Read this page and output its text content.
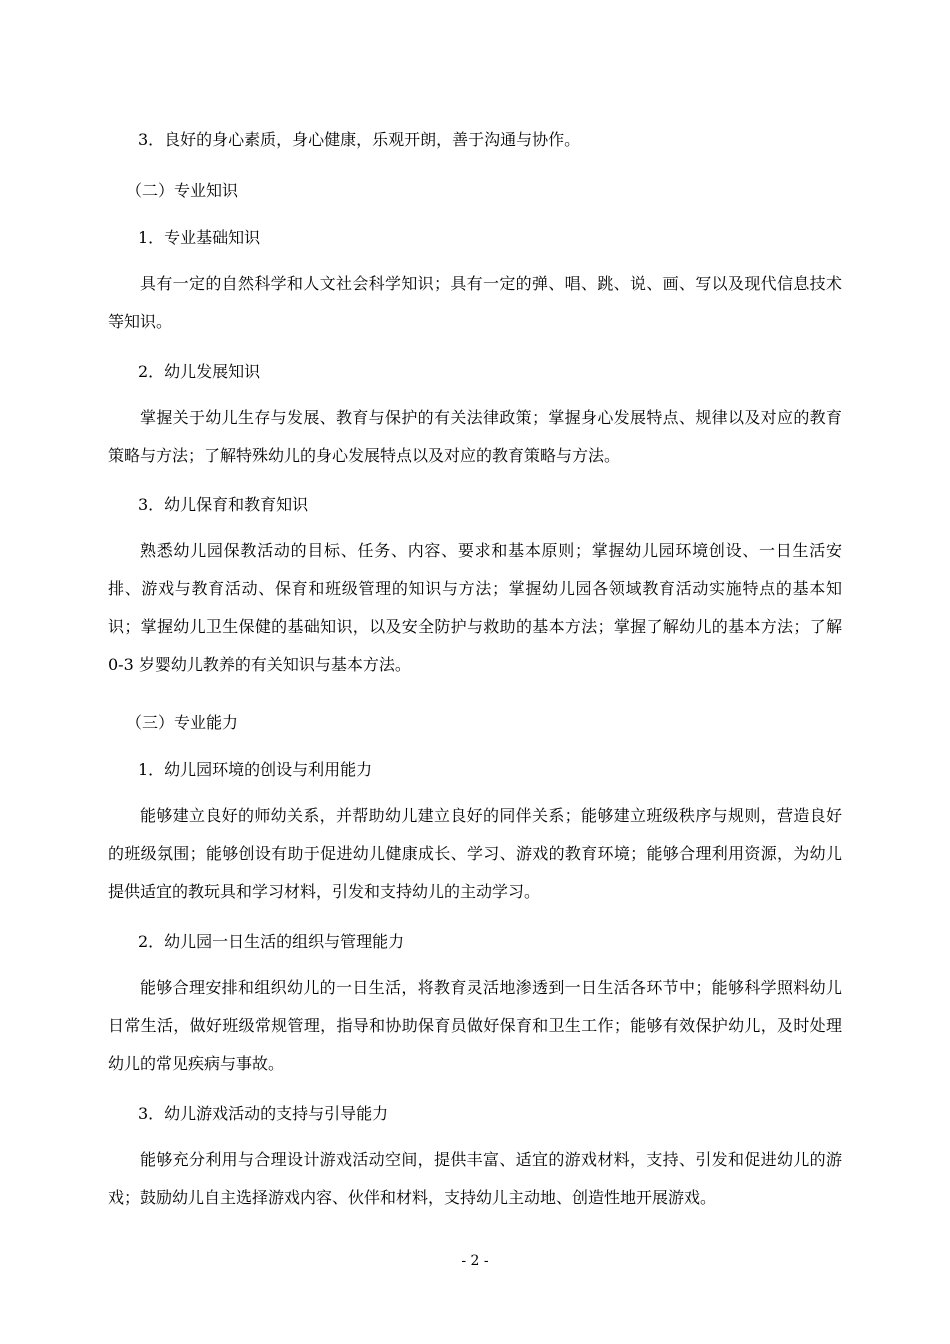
3．良好的身心素质，身心健康，乐观开朗，善于沟通与协作。
（二）专业知识
1．专业基础知识
具有一定的自然科学和人文社会科学知识；具有一定的弹、唱、跳、说、画、写以及现代信息技术等知识。
2．幼儿发展知识
掌握关于幼儿生存与发展、教育与保护的有关法律政策；掌握身心发展特点、规律以及对应的教育策略与方法；了解特殊幼儿的身心发展特点以及对应的教育策略与方法。
3．幼儿保育和教育知识
熟悉幼儿园保教活动的目标、任务、内容、要求和基本原则；掌握幼儿园环境创设、一日生活安排、游戏与教育活动、保育和班级管理的知识与方法；掌握幼儿园各领域教育活动实施特点的基本知识；掌握幼儿卫生保健的基础知识，以及安全防护与救助的基本方法；掌握了解幼儿的基本方法；了解 0-3 岁婴幼儿教养的有关知识与基本方法。
（三）专业能力
1．幼儿园环境的创设与利用能力
能够建立良好的师幼关系，并帮助幼儿建立良好的同伴关系；能够建立班级秩序与规则，营造良好的班级氛围；能够创设有助于促进幼儿健康成长、学习、游戏的教育环境；能够合理利用资源，为幼儿提供适宜的教玩具和学习材料，引发和支持幼儿的主动学习。
2．幼儿园一日生活的组织与管理能力
能够合理安排和组织幼儿的一日生活，将教育灵活地渗透到一日生活各环节中；能够科学照料幼儿日常生活，做好班级常规管理，指导和协助保育员做好保育和卫生工作；能够有效保护幼儿，及时处理幼儿的常见疾病与事故。
3．幼儿游戏活动的支持与引导能力
能够充分利用与合理设计游戏活动空间，提供丰富、适宜的游戏材料，支持、引发和促进幼儿的游戏；鼓励幼儿自主选择游戏内容、伙伴和材料，支持幼儿主动地、创造性地开展游戏。
- 2 -
